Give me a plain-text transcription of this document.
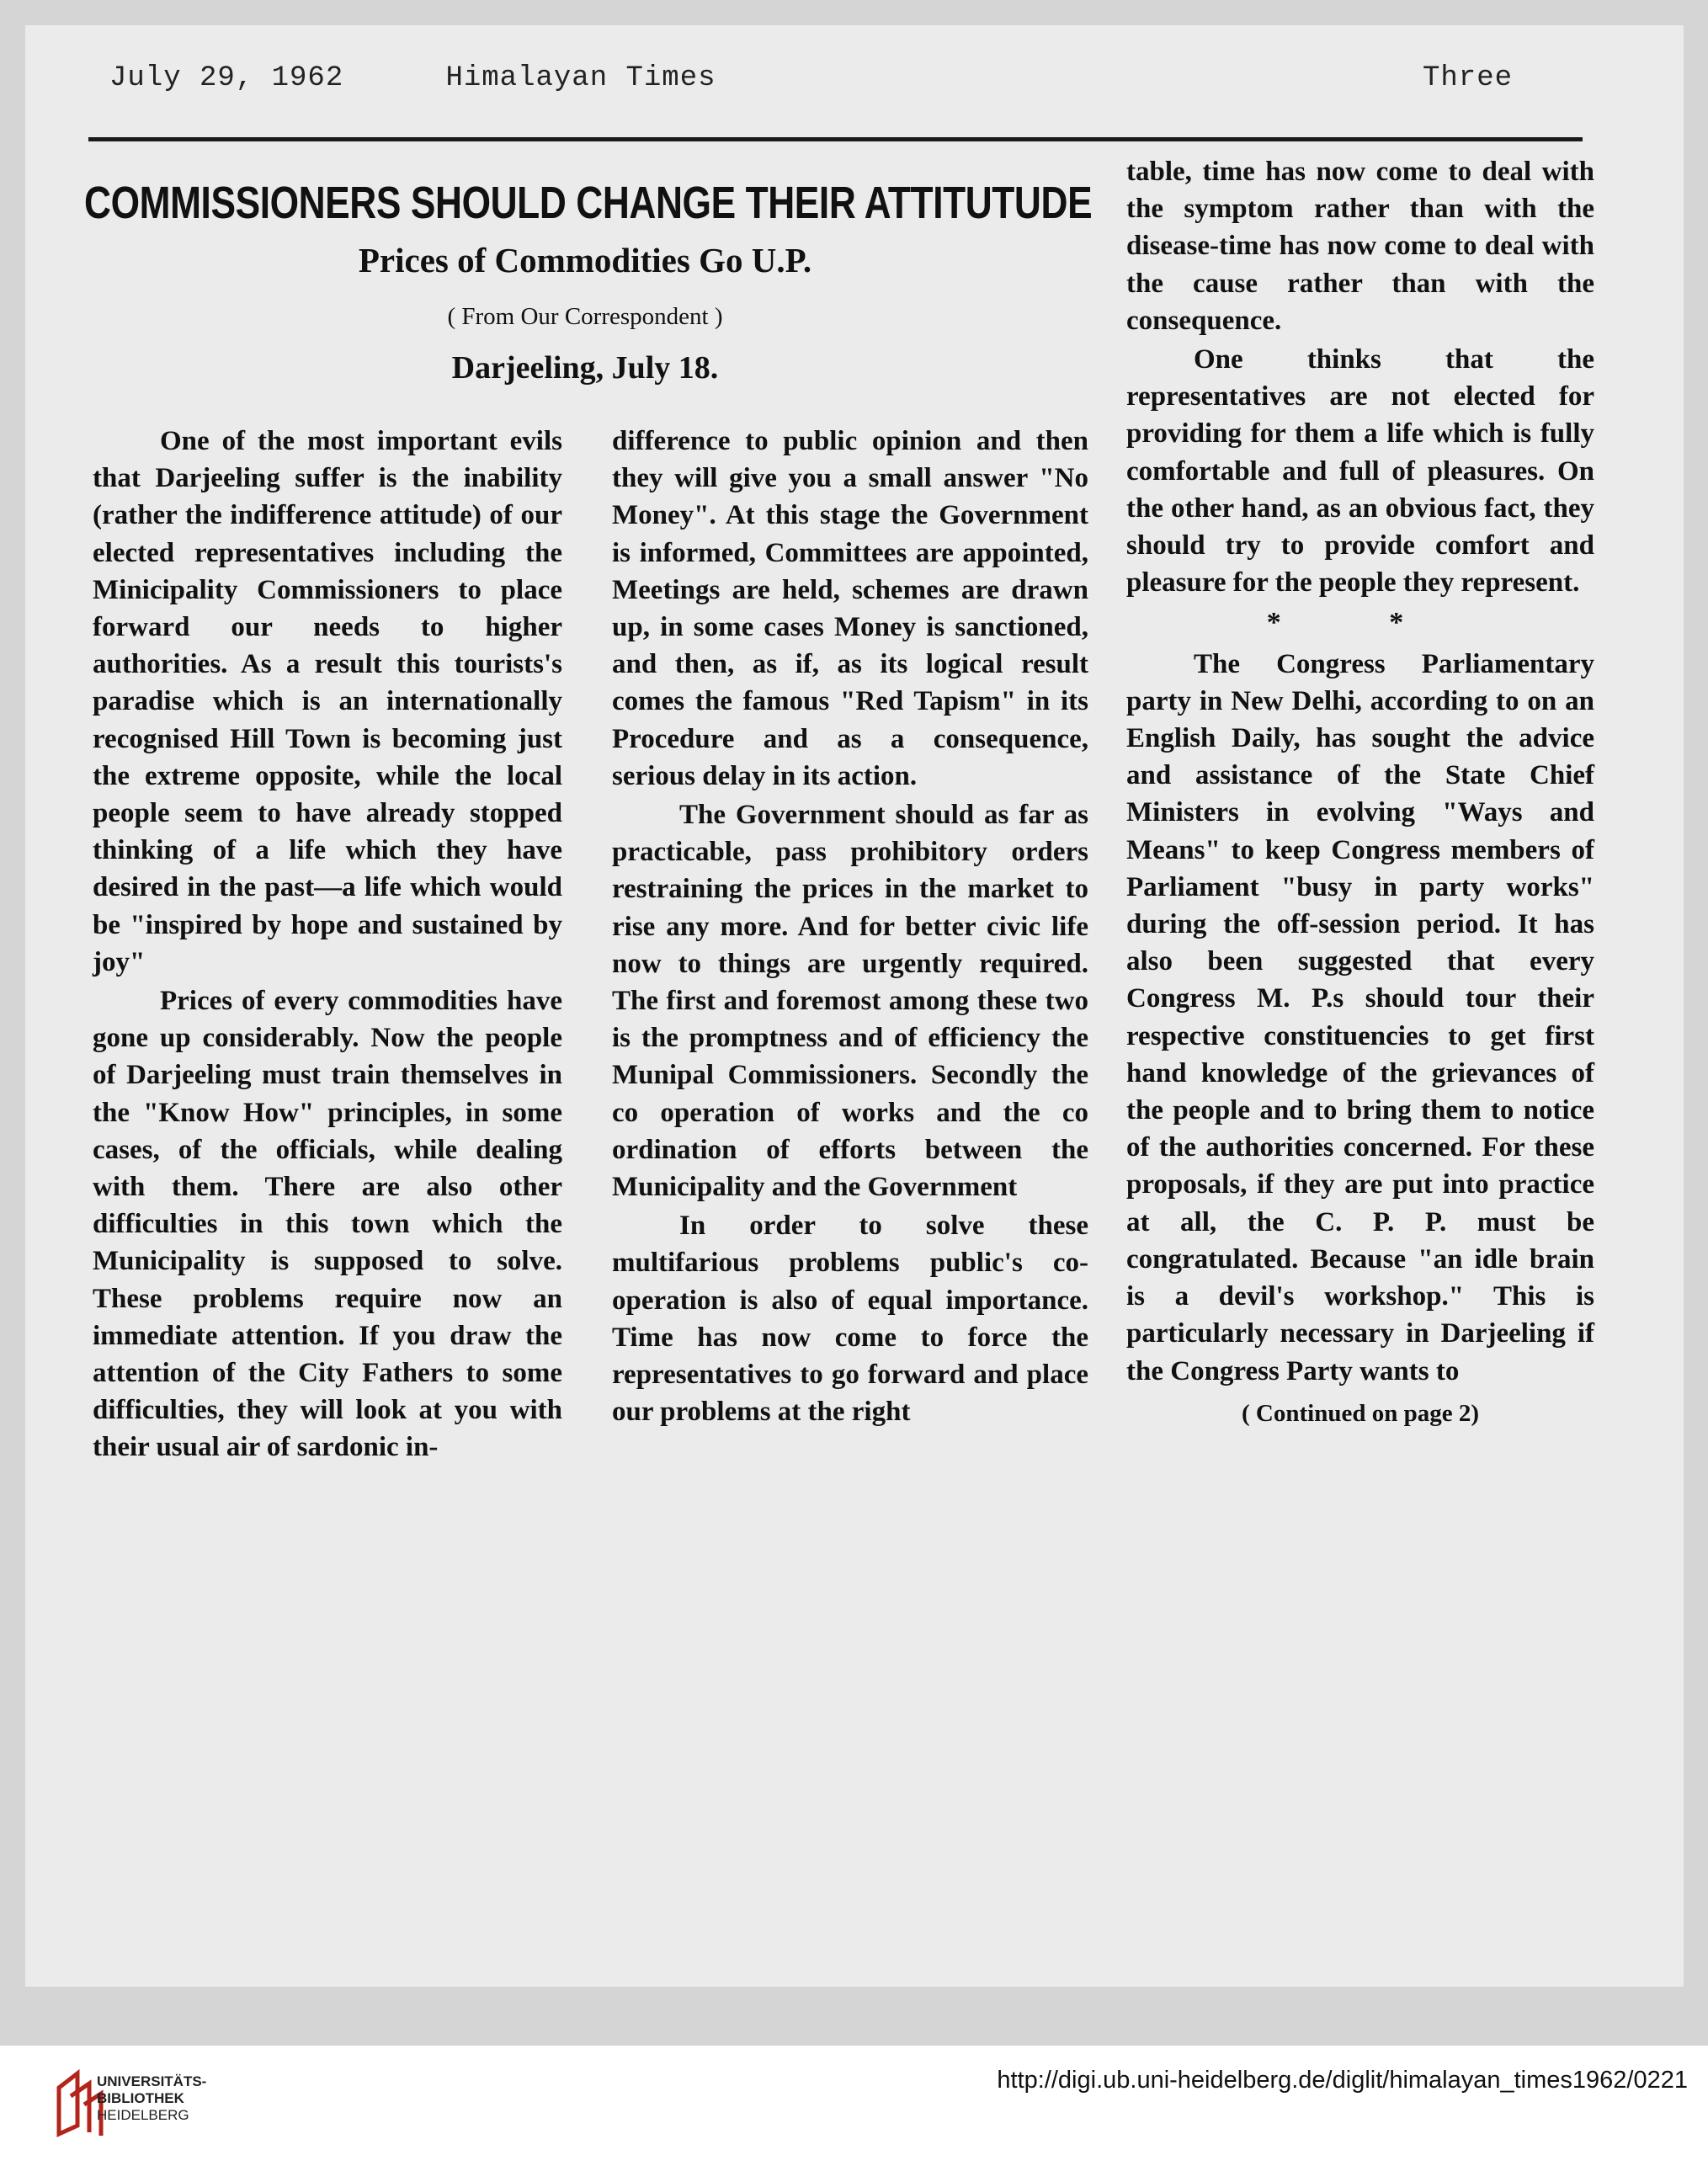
July 29, 1962	Himalayan Times	Three
COMMISSIONERS SHOULD CHANGE THEIR ATTITUTUDE
Prices of Commodities Go U.P.
( From Our Correspondent )
Darjeeling, July 18.

One of the most important evils that Darjeeling suffer is the inability (rather the indifference attitude) of our elected representatives including the Minicipality Commissioners to place forward our needs to higher authorities. As a result this tourists's paradise which is an internationally recognised Hill Town is becoming just the extreme opposite, while the local people seem to have already stopped thinking of a life which they have desired in the past—a life which would be "inspired by hope and sustained by joy"

Prices of every commodities have gone up considerably. Now the people of Darjeeling must train themselves in the "Know How" principles, in some cases, of the officials, while dealing with them. There are also other difficulties in this town which the Municipality is supposed to solve. These problems require now an immediate attention. If you draw the attention of the City Fathers to some difficulties, they will look at you with their usual air of sardonic in-

difference to public opinion and then they will give you a small answer "No Money". At this stage the Government is informed, Committees are appointed, Meetings are held, schemes are drawn up, in some cases Money is sanctioned, and then, as if, as its logical result comes the famous "Red Tapism" in its Procedure and as a consequence, serious delay in its action.

The Government should as far as practicable, pass prohibitory orders restraining the prices in the market to rise any more. And for better civic life now to things are urgently required. The first and foremost among these two is the promptness and of efficiency the Munipal Commissioners. Secondly the co operation of works and the co ordination of efforts between the Municipality and the Government

In order to solve these multifarious problems public's co-operation is also of equal importance. Time has now come to force the representatives to go forward and place our problems at the right

table, time has now come to deal with the symptom rather than with the disease-time has now come to deal with the cause rather than with the consequence.

One thinks that the representatives are not elected for providing for them a life which is fully comfortable and full of pleasures. On the other hand, as an obvious fact, they should try to provide comfort and pleasure for the people they represent.

* *

The Congress Parliamentary party in New Delhi, according to on an English Daily, has sought the advice and assistance of the State Chief Ministers in evolving "Ways and Means" to keep Congress members of Parliament "busy in party works" during the off-session period. It has also been suggested that every Congress M. P.s should tour their respective constituencies to get first hand knowledge of the grievances of the people and to bring them to notice of the authorities concerned. For these proposals, if they are put into practice at all, the C. P. P. must be congratulated. Because "an idle brain is a devil's workshop." This is particularly necessary in Darjeeling if the Congress Party wants to

( Continued on page 2)
UNIVERSITÄTS-
BIBLIOTHEK
HEIDELBERG
http://digi.ub.uni-heidelberg.de/diglit/himalayan_times1962/0221
